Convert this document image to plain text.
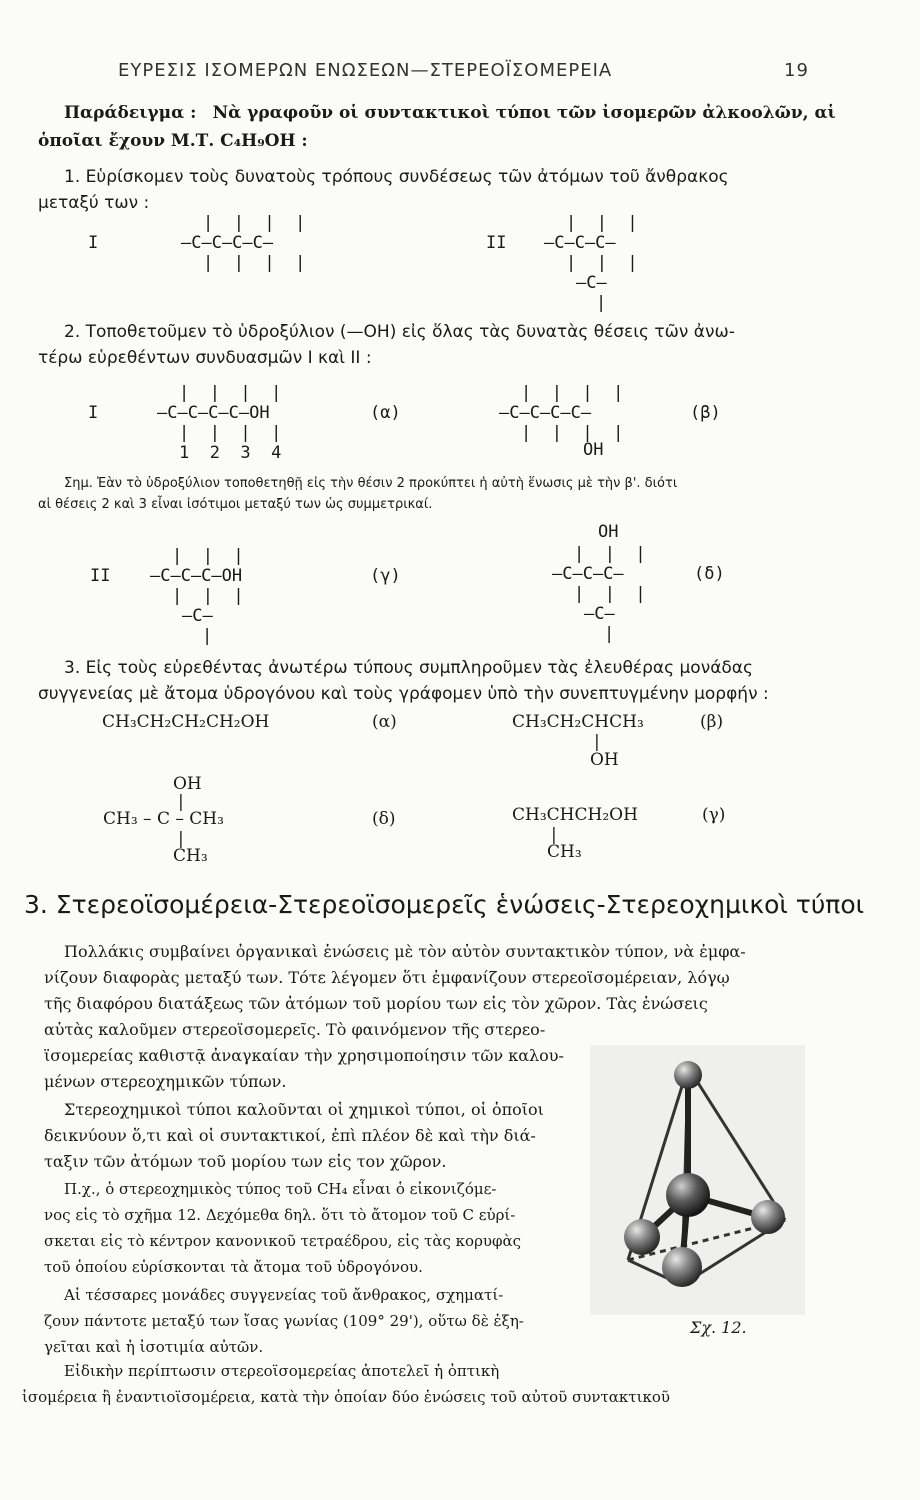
ΕΥΡΕΣΙΣ ΙΣΟΜΕΡΩΝ ΕΝΩΣΕΩΝ—ΣΤΕΡΕΟΪΣΟΜΕΡΕΙΑ	19
Παράδειγμα : Νὰ γραφοῦν οἱ συντακτικοὶ τύποι τῶν ἰσομερῶν ἀλκοολῶν, αἱ
ὁποῖαι ἔχουν Μ.Τ. C₄H₉OH :
1. Εὑρίσκομεν τοὺς δυνατοὺς τρόπους συνδέσεως τῶν ἀτόμων τοῦ ἄνθρακος
μεταξύ των :
I
|  |  |  |
—C—C—C—C—
|  |  |  |
II
|  |  |
—C—C—C—
|  |  |
—C—
|
2. Τοποθετοῦμεν τὸ ὑδροξύλιον (—OH) εἰς ὅλας τὰς δυνατὰς θέσεις τῶν ἀνω-
τέρω εὑρεθέντων συνδυασμῶν Ι καὶ ΙΙ :
I
|  |  |  |
—C—C—C—C—OH
|  |  |  |
1  2  3  4
(α)
|  |  |  |
—C—C—C—C—
|  |  |  |
OH
(β)
Σημ. Ἐὰν τὸ ὑδροξύλιον τοποθετηθῇ εἰς τὴν θέσιν 2 προκύπτει ἡ αὐτὴ ἕνωσις μὲ τὴν β'. διότι
αἱ θέσεις 2 καὶ 3 εἶναι ἰσότιμοι μεταξύ των ὡς συμμετρικαί.
II
|  |  |
—C—C—C—OH
|  |  |
—C—
|
(γ)
OH
|  |  |
—C—C—C—
|  |  |
—C—
|
(δ)
3. Εἰς τοὺς εὑρεθέντας ἀνωτέρω τύπους συμπληροῦμεν τὰς ἐλευθέρας μονάδας
συγγενείας μὲ ἄτομα ὑδρογόνου καὶ τοὺς γράφομεν ὑπὸ τὴν συνεπτυγμένην μορφήν :
CH₃CH₂CH₂CH₂OH	(α)	CH₃CH₂CHCH₃	(β)
|
OH
OH
|
CH₃ – C – CH₃
|
CH₃
(δ)	CH₃CHCH₂OH	(γ)
|
CH₃
3. Στερεοϊσομέρεια-Στερεοϊσομερεῖς ἑνώσεις-Στερεοχημικοὶ τύποι
Πολλάκις συμβαίνει ὀργανικαὶ ἑνώσεις μὲ τὸν αὐτὸν συντακτικὸν τύπον, νὰ ἐμφα-
νίζουν διαφορὰς μεταξύ των. Τότε λέγομεν ὅτι ἐμφανίζουν στερεοϊσομέρειαν, λόγῳ
τῆς διαφόρου διατάξεως τῶν ἀτόμων τοῦ μορίου των εἰς τὸν χῶρον. Τὰς ἑνώσεις
αὐτὰς καλοῦμεν στερεοϊσομερεῖς. Τὸ φαινόμενον τῆς στερεο-
ϊσομερείας καθιστᾷ ἀναγκαίαν τὴν χρησιμοποίησιν τῶν καλου-
μένων στερεοχημικῶν τύπων.
Στερεοχημικοὶ τύποι καλοῦνται οἱ χημικοὶ τύποι, οἱ ὁποῖοι
δεικνύουν ὅ,τι καὶ οἱ συντακτικοί, ἐπὶ πλέον δὲ καὶ τὴν διά-
ταξιν τῶν ἀτόμων τοῦ μορίου των εἰς τον χῶρον.
Π.χ., ὁ στερεοχημικὸς τύπος τοῦ CH₄ εἶναι ὁ εἰκονιζόμε-
νος εἰς τὸ σχῆμα 12. Δεχόμεθα δηλ. ὅτι τὸ ἄτομον τοῦ C εὑρί-
σκεται εἰς τὸ κέντρον κανονικοῦ τετραέδρου, εἰς τὰς κορυφὰς
τοῦ ὁποίου εὑρίσκονται τὰ ἄτομα τοῦ ὑδρογόνου.
Αἱ τέσσαρες μονάδες συγγενείας τοῦ ἄνθρακος, σχηματί-
ζουν πάντοτε μεταξύ των ἴσας γωνίας (109° 29'), οὕτω δὲ ἐξη-
γεῖται καὶ ἡ ἰσοτιμία αὐτῶν.
Εἰδικὴν περίπτωσιν στερεοϊσομερείας ἀποτελεῖ ἡ ὀπτικὴ
ἰσομέρεια ἢ ἐναντιοϊσομέρεια, κατὰ τὴν ὁποίαν δύο ἑνώσεις τοῦ αὐτοῦ συντακτικοῦ
Σχ. 12.
